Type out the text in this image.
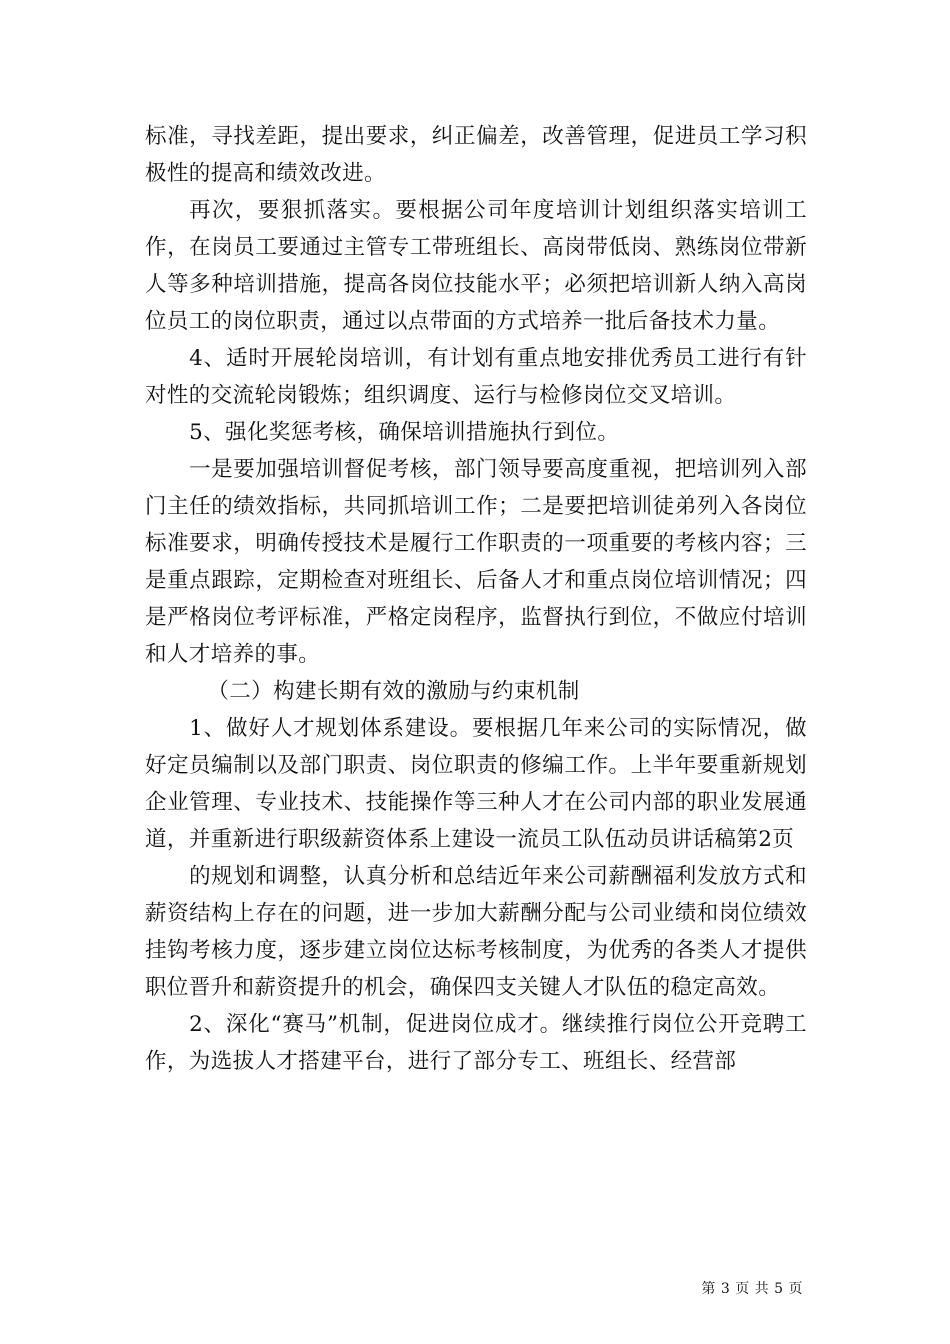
标准，寻找差距，提出要求，纠正偏差，改善管理，促进员工学习积极性的提高和绩效改进。

再次，要狠抓落实。要根据公司年度培训计划组织落实培训工作，在岗员工要通过主管专工带班组长、高岗带低岗、熟练岗位带新人等多种培训措施，提高各岗位技能水平；必须把培训新人纳入高岗位员工的岗位职责，通过以点带面的方式培养一批后备技术力量。

4、适时开展轮岗培训，有计划有重点地安排优秀员工进行有针对性的交流轮岗锻炼；组织调度、运行与检修岗位交叉培训。

5、强化奖惩考核，确保培训措施执行到位。

一是要加强培训督促考核，部门领导要高度重视，把培训列入部门主任的绩效指标，共同抓培训工作；二是要把培训徒弟列入各岗位标准要求，明确传授技术是履行工作职责的一项重要的考核内容；三是重点跟踪，定期检查对班组长、后备人才和重点岗位培训情况；四是严格岗位考评标准，严格定岗程序，监督执行到位，不做应付培训和人才培养的事。

（二）构建长期有效的激励与约束机制

1、做好人才规划体系建设。要根据几年来公司的实际情况，做好定员编制以及部门职责、岗位职责的修编工作。上半年要重新规划企业管理、专业技术、技能操作等三种人才在公司内部的职业发展通道，并重新进行职级薪资体系上建设一流员工队伍动员讲话稿第2页

的规划和调整，认真分析和总结近年来公司薪酬福利发放方式和薪资结构上存在的问题，进一步加大薪酬分配与公司业绩和岗位绩效挂钩考核力度，逐步建立岗位达标考核制度，为优秀的各类人才提供职位晋升和薪资提升的机会，确保四支关键人才队伍的稳定高效。

2、深化“赛马”机制，促进岗位成才。继续推行岗位公开竞聘工作，为选拔人才搭建平台，进行了部分专工、班组长、经营部

第 3 页 共 5 页
